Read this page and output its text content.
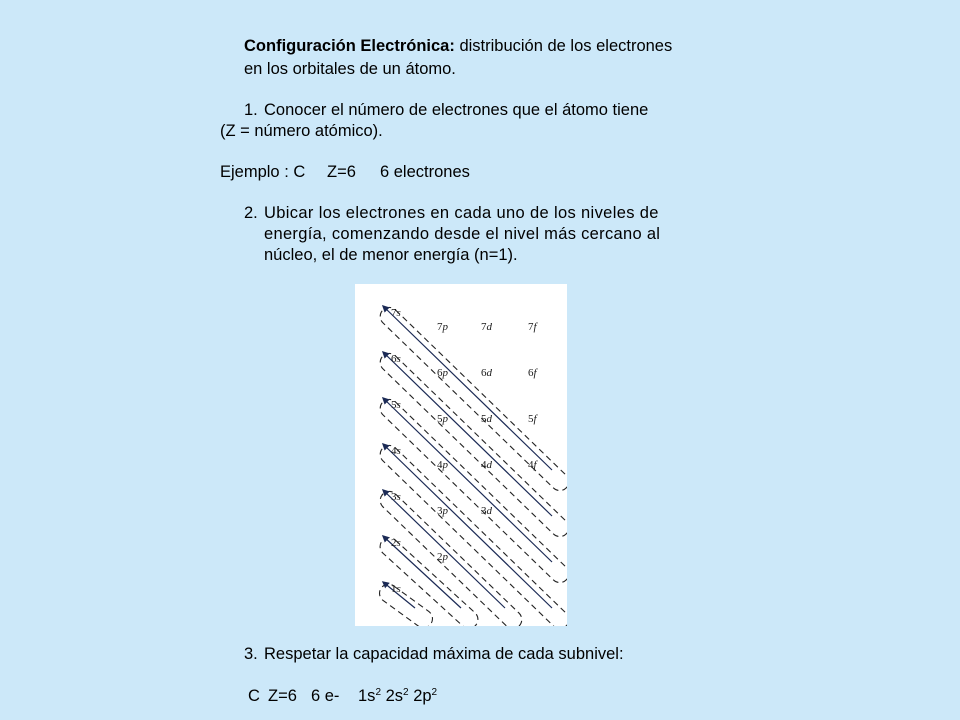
Configuración Electrónica: distribución de los electrones
en los orbitales de un átomo.
1. Conocer el número de electrones que el átomo tiene
(Z = número atómico).
Ejemplo : C Z=6 6 electrones
2. Ubicar los electrones en cada uno de los niveles de
energía, comenzando desde el nivel más cercano al
núcleo, el de menor energía (n=1).
1s
2s
2p
3s
3p	3d
4s
4p	4d	4f
5s
5p	5d	5f
6s
6p	6d	6f
7s
7p	7d	7f
3. Respetar la capacidad máxima de cada subnivel:
C Z=6 6 e- $1s^2$ $2s^2$ $2p^2$
